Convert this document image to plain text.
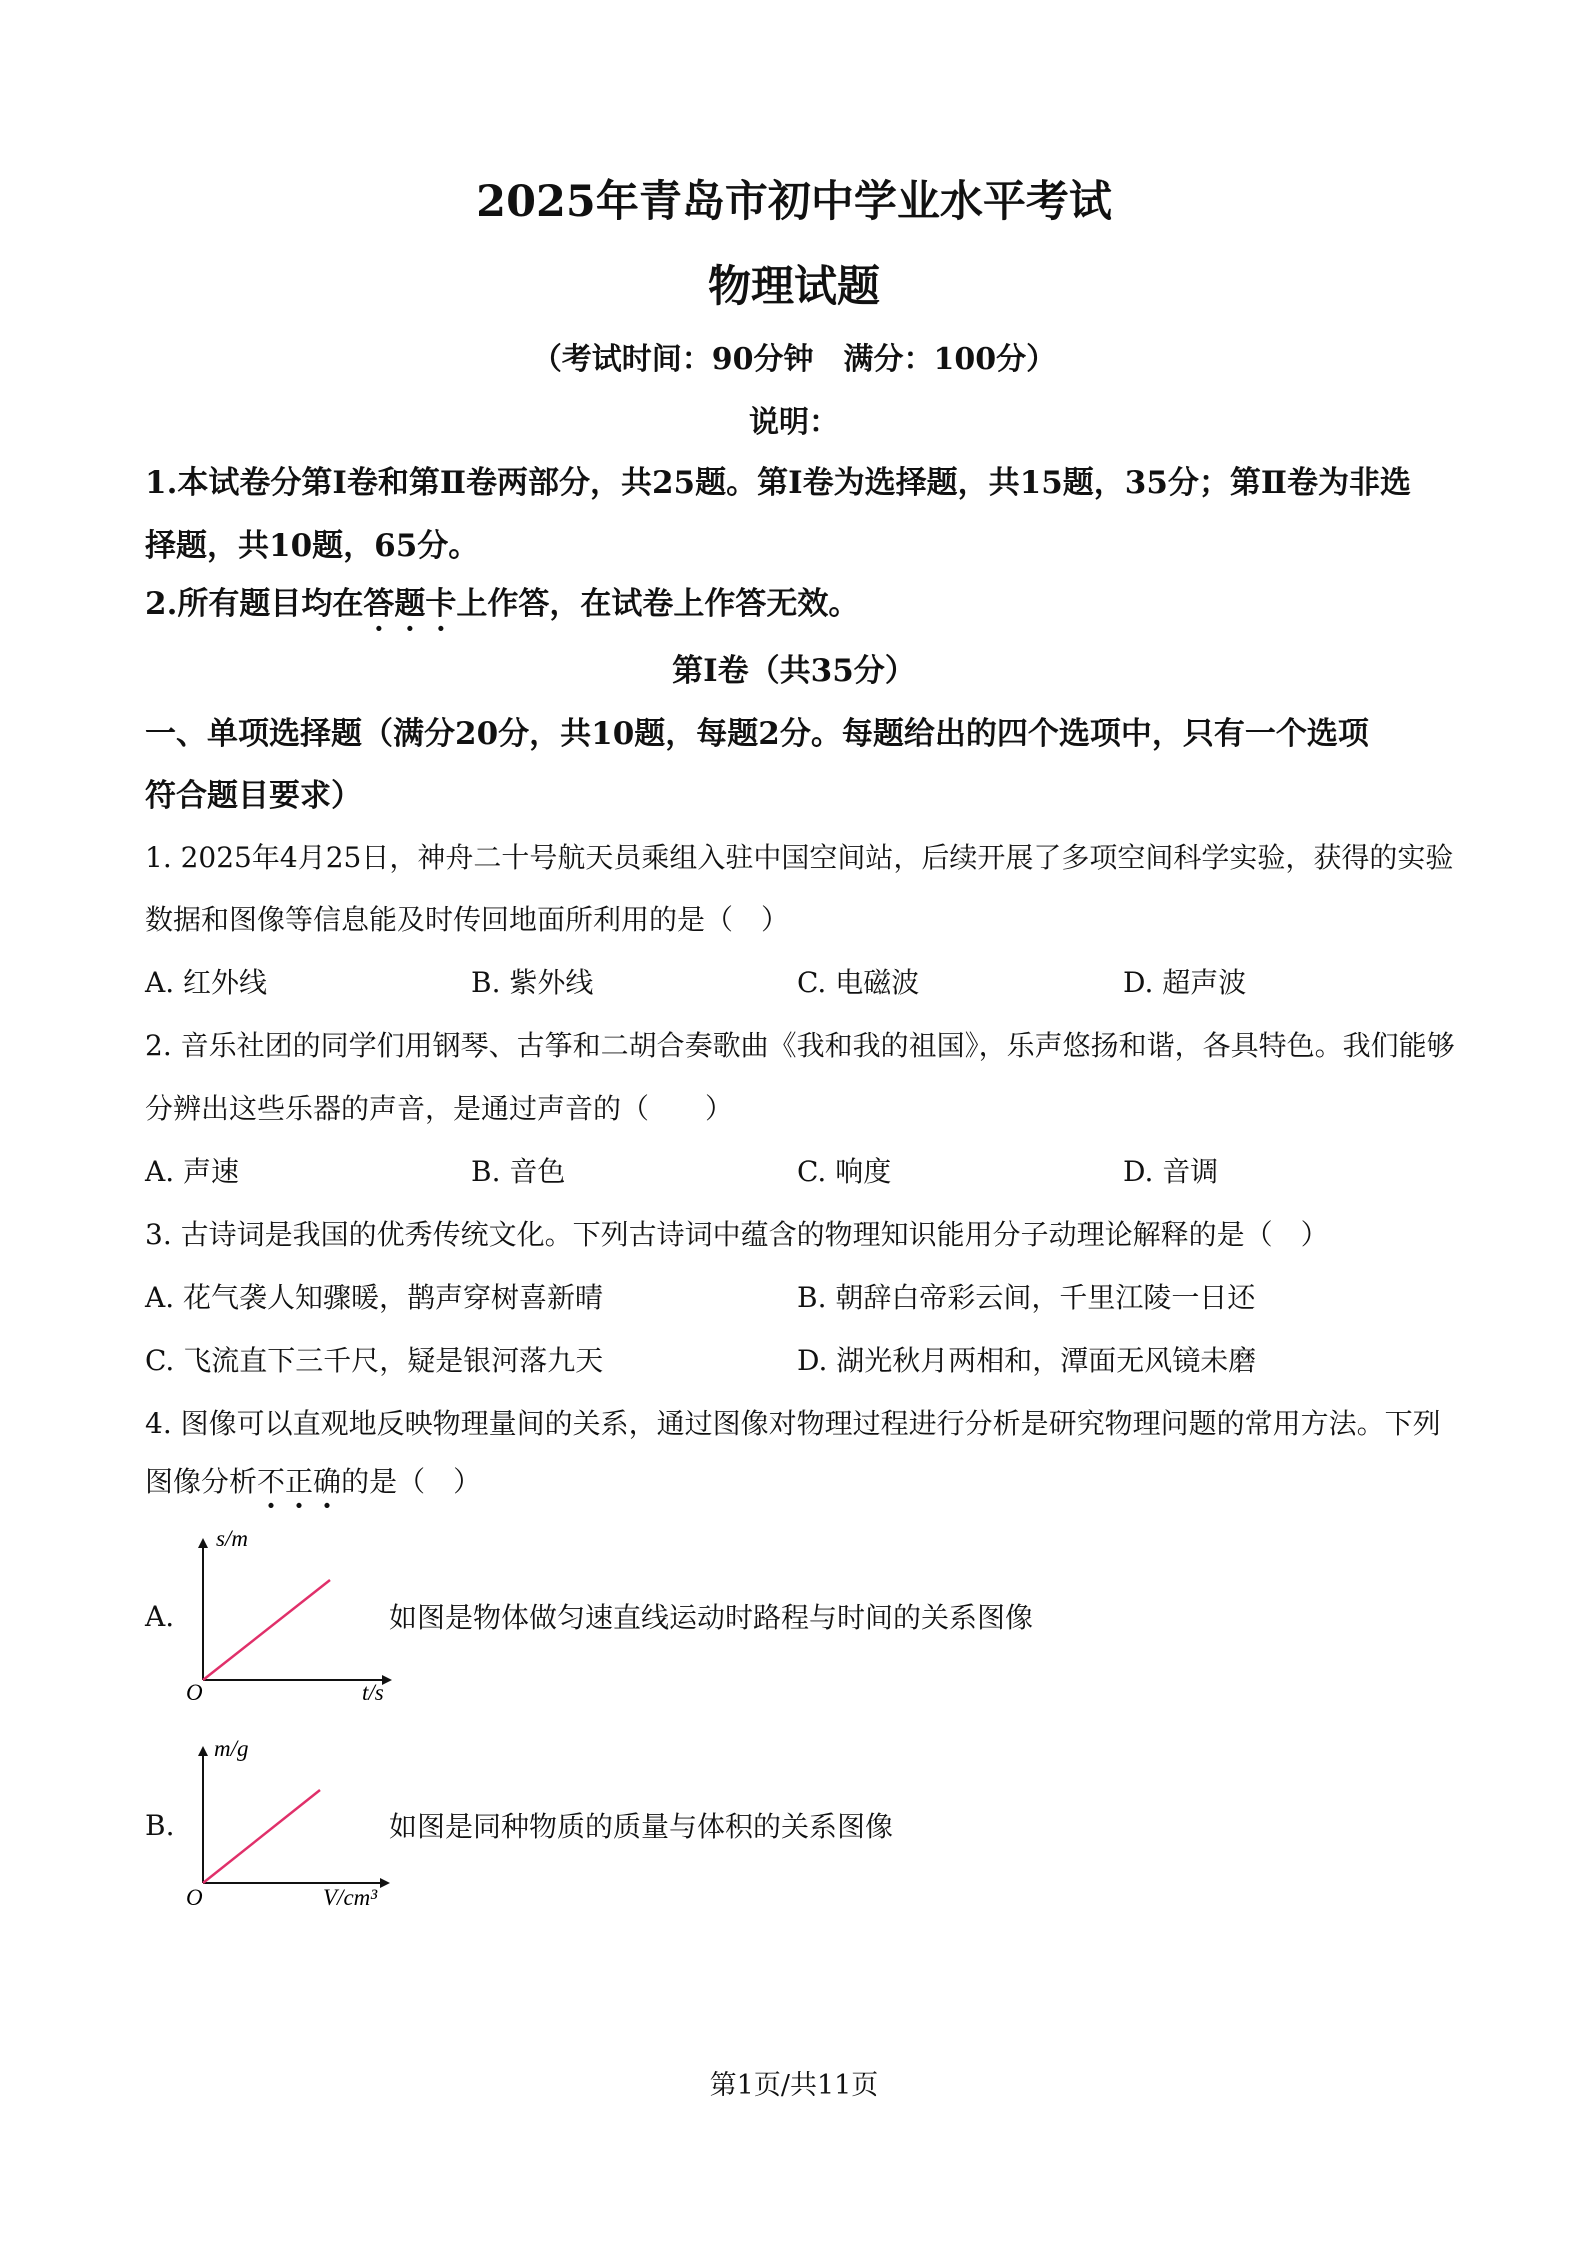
2025年青岛市初中学业水平考试
物理试题
（考试时间：90分钟　满分：100分）
说明：
1.本试卷分第Ⅰ卷和第Ⅱ卷两部分，共25题。第Ⅰ卷为选择题，共15题，35分；第Ⅱ卷为非选
择题，共10题，65分。
2.所有题目均在答题卡上作答，在试卷上作答无效。
第Ⅰ卷（共35分）
一、单项选择题（满分20分，共10题，每题2分。每题给出的四个选项中，只有一个选项
符合题目要求）
1. 2025年4月25日，神舟二十号航天员乘组入驻中国空间站，后续开展了多项空间科学实验，获得的实验
数据和图像等信息能及时传回地面所利用的是（　）
A. 红外线	B. 紫外线	C. 电磁波	D. 超声波
2. 音乐社团的同学们用钢琴、古筝和二胡合奏歌曲《我和我的祖国》，乐声悠扬和谐，各具特色。我们能够
分辨出这些乐器的声音，是通过声音的（　　）
A. 声速	B. 音色	C. 响度	D. 音调
3. 古诗词是我国的优秀传统文化。下列古诗词中蕴含的物理知识能用分子动理论解释的是（　）
A. 花气袭人知骤暖，鹊声穿树喜新晴	B. 朝辞白帝彩云间，千里江陵一日还
C. 飞流直下三千尺，疑是银河落九天	D. 湖光秋月两相和，潭面无风镜未磨
4. 图像可以直观地反映物理量间的关系，通过图像对物理过程进行分析是研究物理问题的常用方法。下列
图像分析不正确的是（　）
A.
s/m
O	t/s
如图是物体做匀速直线运动时路程与时间的关系图像
B.
m/g
O	V/cm³
如图是同种物质的质量与体积的关系图像
第1页/共11页
